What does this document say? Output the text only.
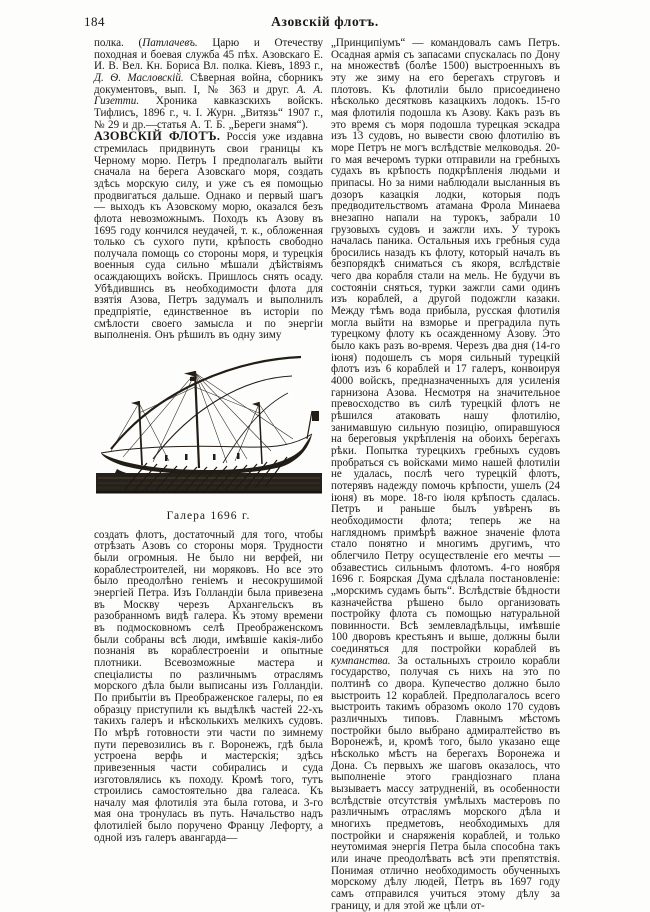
184	Азовскій флотъ.

полка. (Патлачевъ. Царю и Отечеству походная и боевая служба 45 пѣх. Азовскаго Е. И. В. Вел. Кн. Бориса Вл. полка. Кіевъ, 1893 г., Д. Ѳ. Масловскій. Сѣверная война, сборникъ документовъ, вып. I, № 363 и друг. А. А. Гизетти. Хроника кавказскихъ войскъ. Тифлисъ, 1896 г., ч. I. Журн. „Витязь“ 1907 г., № 29 и др.—статья А. Т. Б. „Береги знамя“).

АЗОВСКІЙ ФЛОТЪ. Россія уже издавна стремилась придвинуть свои границы къ Черному морю. Петръ I предполагалъ выйти сначала на берега Азовскаго моря, создать здѣсь морскую силу, и уже съ ея помощью продвигаться дальше. Однако и первый шагъ — выходъ къ Азовскому морю, оказался безъ флота невозможнымъ. Походъ къ Азову въ 1695 году кончился неудачей, т. к., обложенная только съ сухого пути, крѣпость свободно получала помощь со стороны моря, и турецкія военныя суда сильно мѣшали дѣйствіямъ осаждающихъ войскъ. Пришлось снять осаду. Убѣдившись въ необходимости флота для взятія Азова, Петръ задумалъ и выполнилъ предпріятіе, единственное въ исторіи по смѣлости своего замысла и по энергіи выполненія. Онъ рѣшилъ въ одну зиму

Галера 1696 г.

создать флотъ, достаточный для того, чтобы отрѣзать Азовъ со стороны моря. Трудности были огромныя. Не было ни верфей, ни кораблестроителей, ни моряковъ. Но все это было преодолѣно геніемъ и несокрушимой энергіей Петра. Изъ Голландіи была привезена въ Москву черезъ Архангельскъ въ разобранномъ видѣ галера. Къ этому времени въ подмосковномъ селѣ Преображенскомъ были собраны всѣ люди, имѣвшіе какія-либо познанія въ кораблестроеніи и опытные плотники. Всевозможные мастера и спеціалисты по различнымъ отраслямъ морского дѣла были выписаны изъ Голландіи. По прибытіи въ Преображенское галеры, по ея образцу приступили къ выдѣлкѣ частей 22-хъ такихъ галеръ и нѣсколькихъ мелкихъ судовъ. По мѣрѣ готовности эти части по зимнему пути перевозились въ г. Воронежъ, гдѣ была устроена верфь и мастерскія; здѣсь привезенныя части собирались и суда изготовлялись къ походу. Кромѣ того, тутъ строились самостоятельно два галеаса. Къ началу мая флотилія эта была готова, и 3-го мая она тронулась въ путь. Начальство надъ флотиліей было поручено Францу Лефорту, а одной изъ галеръ авангарда—

„Принципіумъ“ — командовалъ самъ Петръ. Осадная армія съ запасами спускалась по Дону на множествѣ (болѣе 1500) выстроенныхъ въ эту же зиму на его берегахъ струговъ и плотовъ. Къ флотиліи было присоединено нѣсколько десятковъ казацкихъ лодокъ. 15-го мая флотилія подошла къ Азову. Какъ разъ въ это время съ моря подошла турецкая эскадра изъ 13 судовъ, но вывести свою флотилію въ море Петръ не могъ вслѣдствіе мелководья. 20-го мая вечеромъ турки отправили на гребныхъ судахъ въ крѣпость подкрѣпленія людьми и припасы. Но за ними наблюдали высланныя въ дозоръ казацкія лодки, которыя подъ предводительствомъ атамана Фрола Минаева внезапно напали на турокъ, забрали 10 грузовыхъ судовъ и зажгли ихъ. У турокъ началась паника. Остальныя ихъ гребныя суда бросились назадъ къ флоту, который началъ въ безпорядкѣ сниматься съ якоря, вслѣдствіе чего два корабля стали на мель. Не будучи въ состояніи сняться, турки зажгли сами одинъ изъ кораблей, а другой подожгли казаки. Между тѣмъ вода прибыла, русская флотилія могла выйти на взморье и преградила путь турецкому флоту къ осажденному Азову. Это было какъ разъ во-время. Черезъ два дня (14-го іюня) подошелъ съ моря сильный турецкій флотъ изъ 6 кораблей и 17 галеръ, конвоируя 4000 войскъ, предназначенныхъ для усиленія гарнизона Азова. Несмотря на значительное превосходство въ силѣ турецкій флотъ не рѣшился атаковать нашу флотилію, занимавшую сильную позицію, опиравшуюся на береговыя укрѣпленія на обоихъ берегахъ рѣки. Попытка турецкихъ гребныхъ судовъ пробраться съ войсками мимо нашей флотиліи не удалась, послѣ чего турецкій флотъ, потерявъ надежду помочь крѣпости, ушелъ (24 іюня) въ море. 18-го іюля крѣпость сдалась. Петръ и раньше былъ увѣренъ въ необходимости флота; теперь же на наглядномъ примѣрѣ важное значеніе флота стало понятно и многимъ другимъ, что облегчило Петру осуществленіе его мечты — обзавестись сильнымъ флотомъ. 4-го ноября 1696 г. Боярская Дума сдѣлала постановленіе: „морскимъ судамъ быть“. Вслѣдствіе бѣдности казначейства рѣшено было организовать постройку флота съ помощью натуральной повинности. Всѣ землевладѣльцы, имѣвшіе 100 дворовъ крестьянъ и выше, должны были соединяться для постройки кораблей въ кумпанства. За остальныхъ строило корабли государство, получая съ нихъ на это по полтинѣ со двора. Купечество должно было выстроить 12 кораблей. Предполагалось всего выстроить такимъ образомъ около 170 судовъ различныхъ типовъ. Главнымъ мѣстомъ постройки было выбрано адмиралтейство въ Воронежѣ, и, кромѣ того, было указано еще нѣсколько мѣстъ на берегахъ Воронежа и Дона. Съ первыхъ же шаговъ оказалось, что выполненіе этого грандіознаго плана вызываетъ массу затрудненій, въ особенности вслѣдствіе отсутствія умѣлыхъ мастеровъ по различнымъ отраслямъ морского дѣла и многихъ предметовъ, необходимыхъ для постройки и снаряженія кораблей, и только неутомимая энергія Петра была способна такъ или иначе преодолѣвать всѣ эти препятствія. Понимая отлично необходимость обученныхъ морскому дѣлу людей, Петръ въ 1697 году самъ отправился учиться этому дѣлу за границу, и для этой же цѣли от-
